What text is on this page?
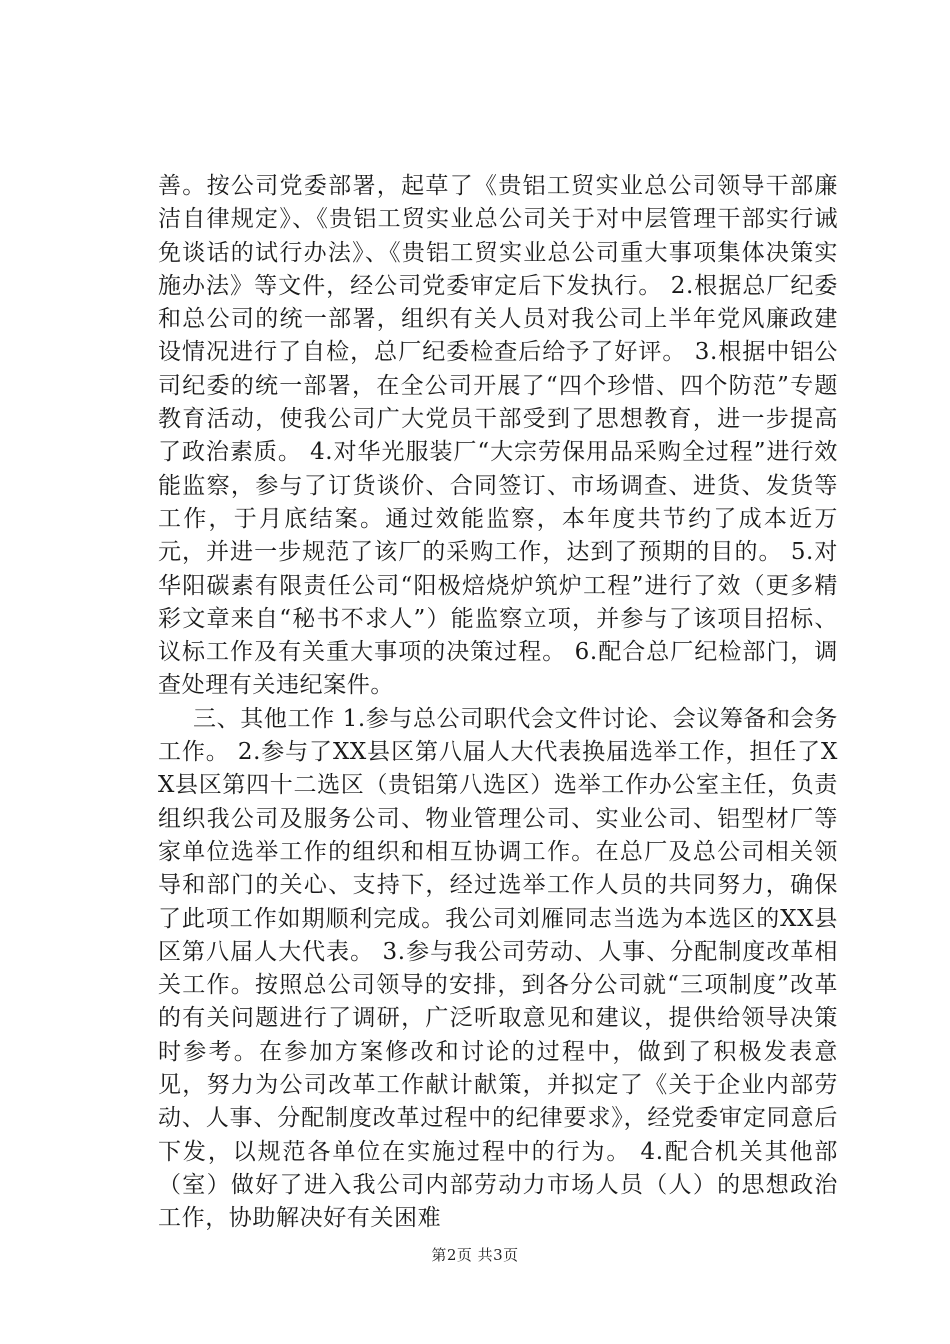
善。按公司党委部署，起草了《贵铝工贸实业总公司领导干部廉洁自律规定》、《贵铝工贸实业总公司关于对中层管理干部实行诫免谈话的试行办法》、《贵铝工贸实业总公司重大事项集体决策实施办法》等文件，经公司党委审定后下发执行。 2.根据总厂纪委和总公司的统一部署，组织有关人员对我公司上半年党风廉政建设情况进行了自检，总厂纪委检查后给予了好评。 3.根据中铝公司纪委的统一部署，在全公司开展了“四个珍惜、四个防范”专题教育活动，使我公司广大党员干部受到了思想教育，进一步提高了政治素质。 4.对华光服装厂“大宗劳保用品采购全过程”进行效能监察，参与了订货谈价、合同签订、市场调查、进货、发货等工作，于月底结案。通过效能监察，本年度共节约了成本近万元，并进一步规范了该厂的采购工作，达到了预期的目的。 5.对华阳碳素有限责任公司“阳极焙烧炉筑炉工程”进行了效（更多精彩文章来自“秘书不求人”）能监察立项，并参与了该项目招标、议标工作及有关重大事项的决策过程。 6.配合总厂纪检部门，调查处理有关违纪案件。

三、其他工作 1.参与总公司职代会文件讨论、会议筹备和会务工作。 2.参与了XX县区第八届人大代表换届选举工作，担任了XX县区第四十二选区（贵铝第八选区）选举工作办公室主任，负责组织我公司及服务公司、物业管理公司、实业公司、铝型材厂等家单位选举工作的组织和相互协调工作。在总厂及总公司相关领导和部门的关心、支持下，经过选举工作人员的共同努力，确保了此项工作如期顺利完成。我公司刘雁同志当选为本选区的XX县区第八届人大代表。 3.参与我公司劳动、人事、分配制度改革相关工作。按照总公司领导的安排，到各分公司就“三项制度”改革的有关问题进行了调研，广泛听取意见和建议，提供给领导决策时参考。在参加方案修改和讨论的过程中，做到了积极发表意见，努力为公司改革工作献计献策，并拟定了《关于企业内部劳动、人事、分配制度改革过程中的纪律要求》，经党委审定同意后下发，以规范各单位在实施过程中的行为。 4.配合机关其他部（室）做好了进入我公司内部劳动力市场人员（人）的思想政治工作，协助解决好有关困难

第2页 共3页
